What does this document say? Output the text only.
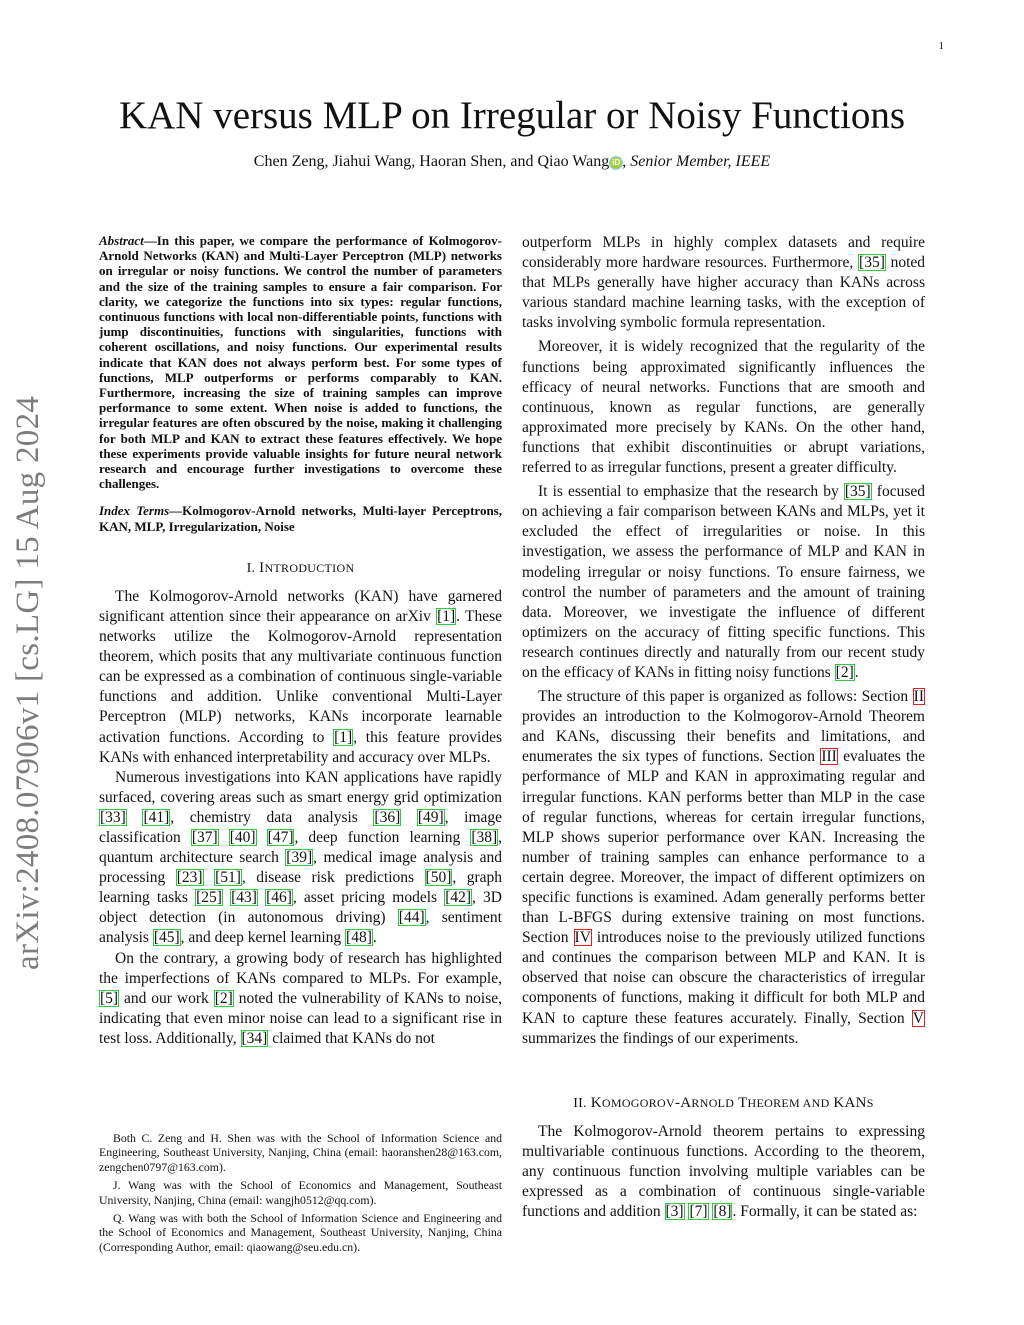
1
KAN versus MLP on Irregular or Noisy Functions
Chen Zeng, Jiahui Wang, Haoran Shen, and Qiao Wang iD , Senior Member, IEEE
arXiv:2408.07906v1 [cs.LG] 15 Aug 2024

Abstract—In this paper, we compare the performance of Kolmogorov-Arnold Networks (KAN) and Multi-Layer Perceptron (MLP) networks on irregular or noisy functions. We control the number of parameters and the size of the training samples to ensure a fair comparison. For clarity, we categorize the functions into six types: regular functions, continuous functions with local non-differentiable points, functions with jump discontinuities, functions with singularities, functions with coherent oscillations, and noisy functions. Our experimental results indicate that KAN does not always perform best. For some types of functions, MLP outperforms or performs comparably to KAN. Furthermore, increasing the size of training samples can improve performance to some extent. When noise is added to functions, the irregular features are often obscured by the noise, making it challenging for both MLP and KAN to extract these features effectively. We hope these experiments provide valuable insights for future neural network research and encourage further investigations to overcome these challenges.

Index Terms—Kolmogorov-Arnold networks, Multi-layer Perceptrons, KAN, MLP, Irregularization, Noise

I. INTRODUCTION

The Kolmogorov-Arnold networks (KAN) have garnered significant attention since their appearance on arXiv [1]. These networks utilize the Kolmogorov-Arnold representation theorem, which posits that any multivariate continuous function can be expressed as a combination of continuous single-variable functions and addition. Unlike conventional Multi-Layer Perceptron (MLP) networks, KANs incorporate learnable activation functions. According to [1], this feature provides KANs with enhanced interpretability and accuracy over MLPs.

Numerous investigations into KAN applications have rapidly surfaced, covering areas such as smart energy grid optimization [33] [41], chemistry data analysis [36] [49], image classification [37] [40] [47], deep function learning [38], quantum architecture search [39], medical image analysis and processing [23] [51], disease risk predictions [50], graph learning tasks [25] [43] [46], asset pricing models [42], 3D object detection (in autonomous driving) [44], sentiment analysis [45], and deep kernel learning [48].

On the contrary, a growing body of research has highlighted the imperfections of KANs compared to MLPs. For example, [5] and our work [2] noted the vulnerability of KANs to noise, indicating that even minor noise can lead to a significant rise in test loss. Additionally, [34] claimed that KANs do not

Both C. Zeng and H. Shen was with the School of Information Science and Engineering, Southeast University, Nanjing, China (email: haoranshen28@163.com, zengchen0797@163.com).

J. Wang was with the School of Economics and Management, Southeast University, Nanjing, China (email: wangjh0512@qq.com).

Q. Wang was with both the School of Information Science and Engineering and the School of Economics and Management, Southeast University, Nanjing, China (Corresponding Author, email: qiaowang@seu.edu.cn).

outperform MLPs in highly complex datasets and require considerably more hardware resources. Furthermore, [35] noted that MLPs generally have higher accuracy than KANs across various standard machine learning tasks, with the exception of tasks involving symbolic formula representation.

Moreover, it is widely recognized that the regularity of the functions being approximated significantly influences the efficacy of neural networks. Functions that are smooth and continuous, known as regular functions, are generally approximated more precisely by KANs. On the other hand, functions that exhibit discontinuities or abrupt variations, referred to as irregular functions, present a greater difficulty.

It is essential to emphasize that the research by [35] focused on achieving a fair comparison between KANs and MLPs, yet it excluded the effect of irregularities or noise. In this investigation, we assess the performance of MLP and KAN in modeling irregular or noisy functions. To ensure fairness, we control the number of parameters and the amount of training data. Moreover, we investigate the influence of different optimizers on the accuracy of fitting specific functions. This research continues directly and naturally from our recent study on the efficacy of KANs in fitting noisy functions [2].

The structure of this paper is organized as follows: Section II provides an introduction to the Kolmogorov-Arnold Theorem and KANs, discussing their benefits and limitations, and enumerates the six types of functions. Section III evaluates the performance of MLP and KAN in approximating regular and irregular functions. KAN performs better than MLP in the case of regular functions, whereas for certain irregular functions, MLP shows superior performance over KAN. Increasing the number of training samples can enhance performance to a certain degree. Moreover, the impact of different optimizers on specific functions is examined. Adam generally performs better than L-BFGS during extensive training on most functions. Section IV introduces noise to the previously utilized functions and continues the comparison between MLP and KAN. It is observed that noise can obscure the characteristics of irregular components of functions, making it difficult for both MLP and KAN to capture these features accurately. Finally, Section V summarizes the findings of our experiments.

II. KOMOGOROV-ARNOLD THEOREM AND KANS

The Kolmogorov-Arnold theorem pertains to expressing multivariable continuous functions. According to the theorem, any continuous function involving multiple variables can be expressed as a combination of continuous single-variable functions and addition [3] [7] [8]. Formally, it can be stated as:
